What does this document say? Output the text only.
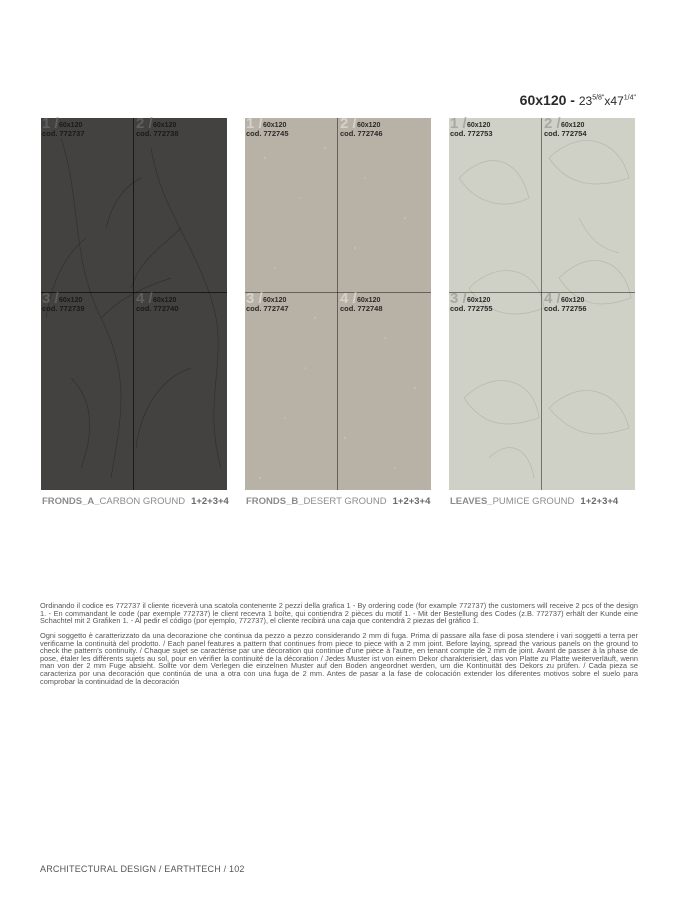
$60x120 - 23^{5/8"}x47^{1/4"}$
1 / 60x120
cod. 772737
2 / 60x120
cod. 772738
3 / 60x120
cod. 772739
4 / 60x120
cod. 772740
1 / 60x120
cod. 772745
2 / 60x120
cod. 772746
3 / 60x120
cod. 772747
4 / 60x120
cod. 772748
1 / 60x120
cod. 772753
2 / 60x120
cod. 772754
3 / 60x120
cod. 772755
4 / 60x120
cod. 772756
FRONDS_A_CARBON GROUND 1+2+3+4 FRONDS_B_DESERT GROUND 1+2+3+4 LEAVES_PUMICE GROUND 1+2+3+4

Ordinando il codice es 772737 il cliente riceverà una scatola contenente 2 pezzi della grafica 1 - By ordering code (for example 772737) the customers will receive 2 pcs of the design 1. - En commandant le code (par exemple 772737) le client recevra 1 boîte, qui contiendra 2 pièces du motif 1. - Mit der Bestellung des Codes (z.B. 772737) erhält der Kunde eine Schachtel mit 2 Grafiken 1. - Al pedir el código (por ejemplo, 772737), el cliente recibirá una caja que contendrá 2 piezas del gráfico 1.

Ogni soggetto è caratterizzato da una decorazione che continua da pezzo a pezzo considerando 2 mm di fuga. Prima di passare alla fase di posa stendere i vari soggetti a terra per verificarne la continuità del prodotto. / Each panel features a pattern that continues from piece to piece with a 2 mm joint. Before laying, spread the various panels on the ground to check the pattern's continuity. / Chaque sujet se caractérise par une décoration qui continue d'une pièce à l'autre, en tenant compte de 2 mm de joint. Avant de passer à la phase de pose, étaler les différents sujets au sol, pour en vérifier la continuité de la décoration / Jedes Muster ist von einem Dekor charakterisiert, das von Platte zu Platte weiterverläuft, wenn man von der 2 mm Fuge absieht. Sollte vor dem Verlegen die einzelnen Muster auf den Boden angeordnet werden, um die Kontinuität des Dekors zu prüfen. / Cada pieza se caracteriza por una decoración que continúa de una a otra con una fuga de 2 mm. Antes de pasar a la fase de colocación extender los diferentes motivos sobre el suelo para comprobar la continuidad de la decoración

ARCHITECTURAL DESIGN / EARTHTECH / 102
